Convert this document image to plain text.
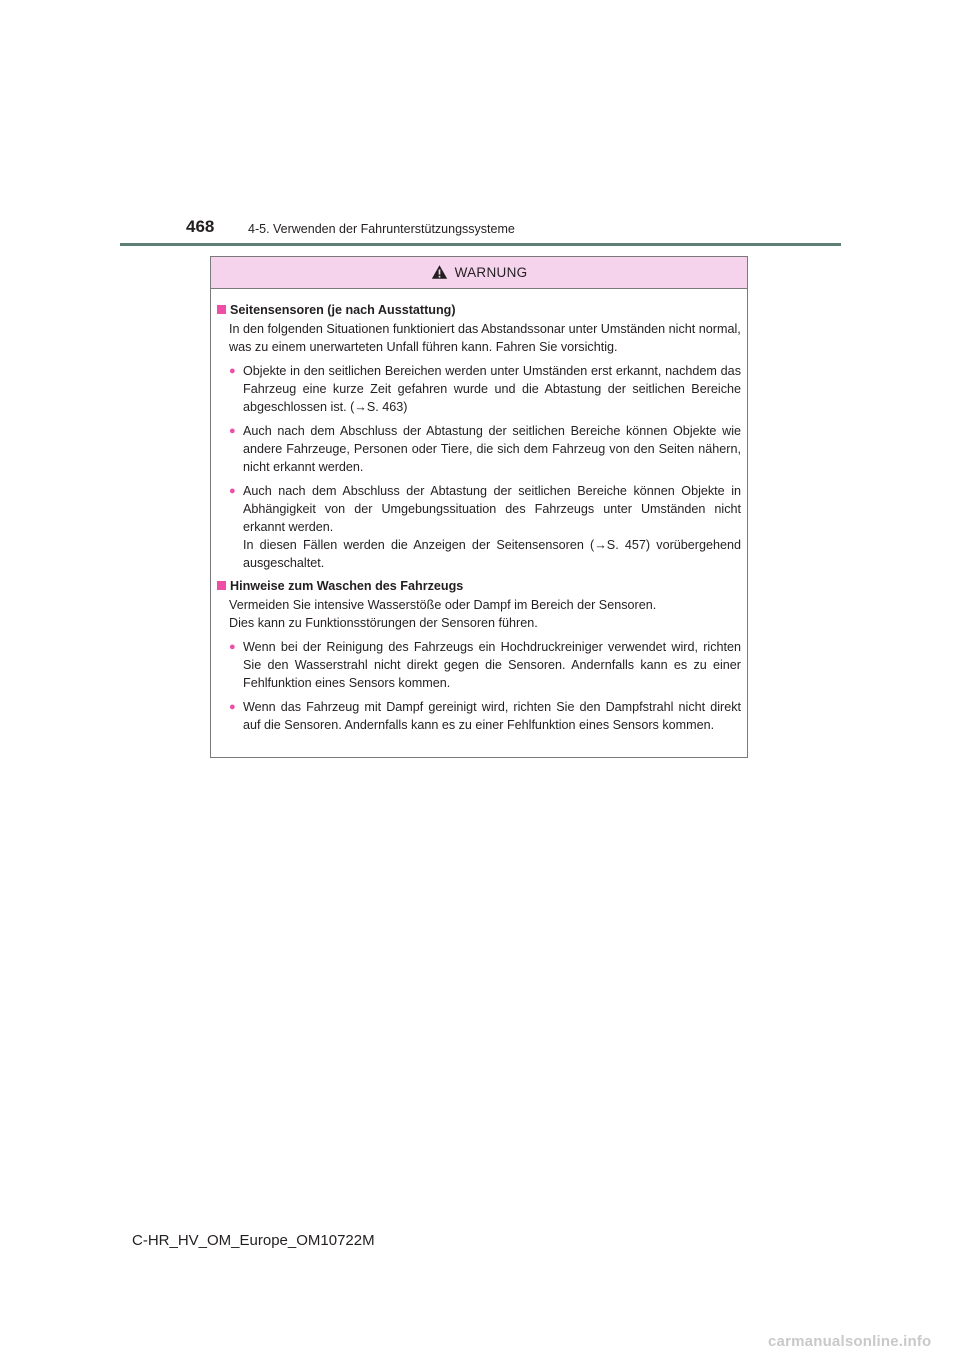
468	4-5. Verwenden der Fahrunterstützungssysteme
WARNUNG
Seitensensoren (je nach Ausstattung)
In den folgenden Situationen funktioniert das Abstandssonar unter Umständen nicht normal, was zu einem unerwarteten Unfall führen kann. Fahren Sie vorsichtig.
● Objekte in den seitlichen Bereichen werden unter Umständen erst erkannt, nachdem das Fahrzeug eine kurze Zeit gefahren wurde und die Abtastung der seitlichen Bereiche abgeschlossen ist. (→S. 463)
● Auch nach dem Abschluss der Abtastung der seitlichen Bereiche können Objekte wie andere Fahrzeuge, Personen oder Tiere, die sich dem Fahrzeug von den Seiten nähern, nicht erkannt werden.
● Auch nach dem Abschluss der Abtastung der seitlichen Bereiche können Objekte in Abhängigkeit von der Umgebungssituation des Fahrzeugs unter Umständen nicht erkannt werden.
In diesen Fällen werden die Anzeigen der Seitensensoren (→S. 457) vorübergehend ausgeschaltet.
Hinweise zum Waschen des Fahrzeugs
Vermeiden Sie intensive Wasserstöße oder Dampf im Bereich der Sensoren.
Dies kann zu Funktionsstörungen der Sensoren führen.
● Wenn bei der Reinigung des Fahrzeugs ein Hochdruckreiniger verwendet wird, richten Sie den Wasserstrahl nicht direkt gegen die Sensoren. Andernfalls kann es zu einer Fehlfunktion eines Sensors kommen.
● Wenn das Fahrzeug mit Dampf gereinigt wird, richten Sie den Dampfstrahl nicht direkt auf die Sensoren. Andernfalls kann es zu einer Fehlfunktion eines Sensors kommen.
C-HR_HV_OM_Europe_OM10722M
carmanualsonline.info
